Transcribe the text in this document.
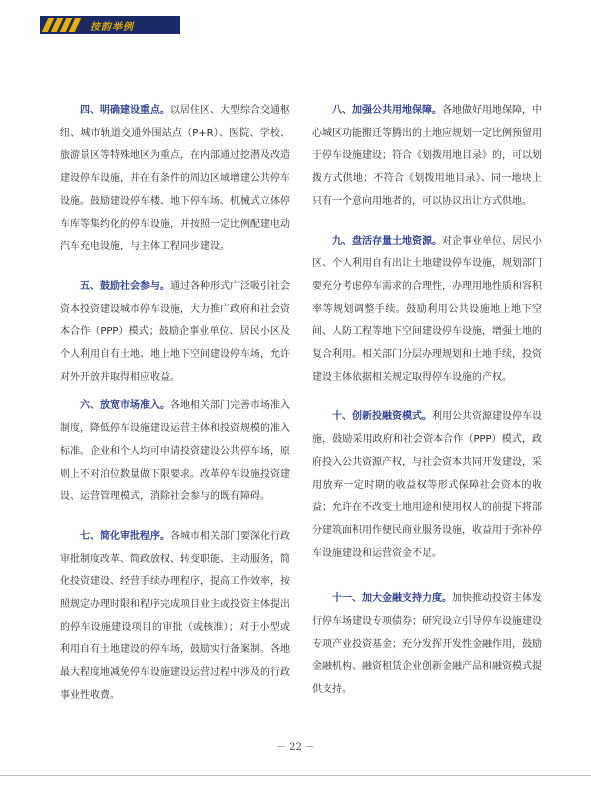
按韵举例

四、明确建设重点。以居住区、大型综合交通枢纽、城市轨道交通外围站点（P+R）、医院、学校、旅游景区等特殊地区为重点，在内部通过挖潜及改造建设停车设施，并在有条件的周边区域增建公共停车设施。鼓励建设停车楼、地下停车场、机械式立体停车库等集约化的停车设施，并按照一定比例配建电动汽车充电设施，与主体工程同步建设。

五、鼓励社会参与。通过各种形式广泛吸引社会资本投资建设城市停车设施，大力推广政府和社会资本合作（PPP）模式；鼓励企事业单位、居民小区及个人利用自有土地、地上地下空间建设停车场，允许对外开放并取得相应收益。

六、放宽市场准入。各地相关部门完善市场准入制度，降低停车设施建设运营主体和投资规模的准入标准。企业和个人均可申请投资建设公共停车场，原则上不对泊位数量做下限要求。改革停车设施投资建设、运营管理模式，消除社会参与的既有障碍。

七、简化审批程序。各城市相关部门要深化行政审批制度改革、简政放权、转变职能、主动服务，简化投资建设、经营手续办理程序，提高工作效率，按照规定办理时限和程序完成项目业主或投资主体提出的停车设施建设项目的审批（或核准）；对于小型或利用自有土地建设的停车场，鼓励实行备案制。各地最大程度地减免停车设施建设运营过程中涉及的行政事业性收费。

八、加强公共用地保障。各地做好用地保障，中心城区功能搬迁等腾出的土地应规划一定比例预留用于停车设施建设；符合《划拨用地目录》的，可以划拨方式供地；不符合《划拨用地目录》、同一地块上只有一个意向用地者的，可以协议出让方式供地。

九、盘活存量土地资源。对企事业单位、居民小区、个人利用自有出让土地建设停车设施，规划部门要充分考虑停车需求的合理性，办理用地性质和容积率等规划调整手续。鼓励利用公共设施地上地下空间、人防工程等地下空间建设停车设施，增强土地的复合利用。相关部门分层办理规划和土地手续，投资建设主体依据相关规定取得停车设施的产权。

十、创新投融资模式。利用公共资源建设停车设施，鼓励采用政府和社会资本合作（PPP）模式，政府投入公共资源产权，与社会资本共同开发建设，采用放弃一定时期的收益权等形式保障社会资本的收益；允许在不改变土地用途和使用权人的前提下将部分建筑面积用作便民商业服务设施，收益用于弥补停车设施建设和运营资金不足。

十一、加大金融支持力度。加快推动投资主体发行停车场建设专项债券；研究设立引导停车设施建设专项产业投资基金；充分发挥开发性金融作用，鼓励金融机构、融资租赁企业创新金融产品和融资模式提供支持。

－ 22 －
